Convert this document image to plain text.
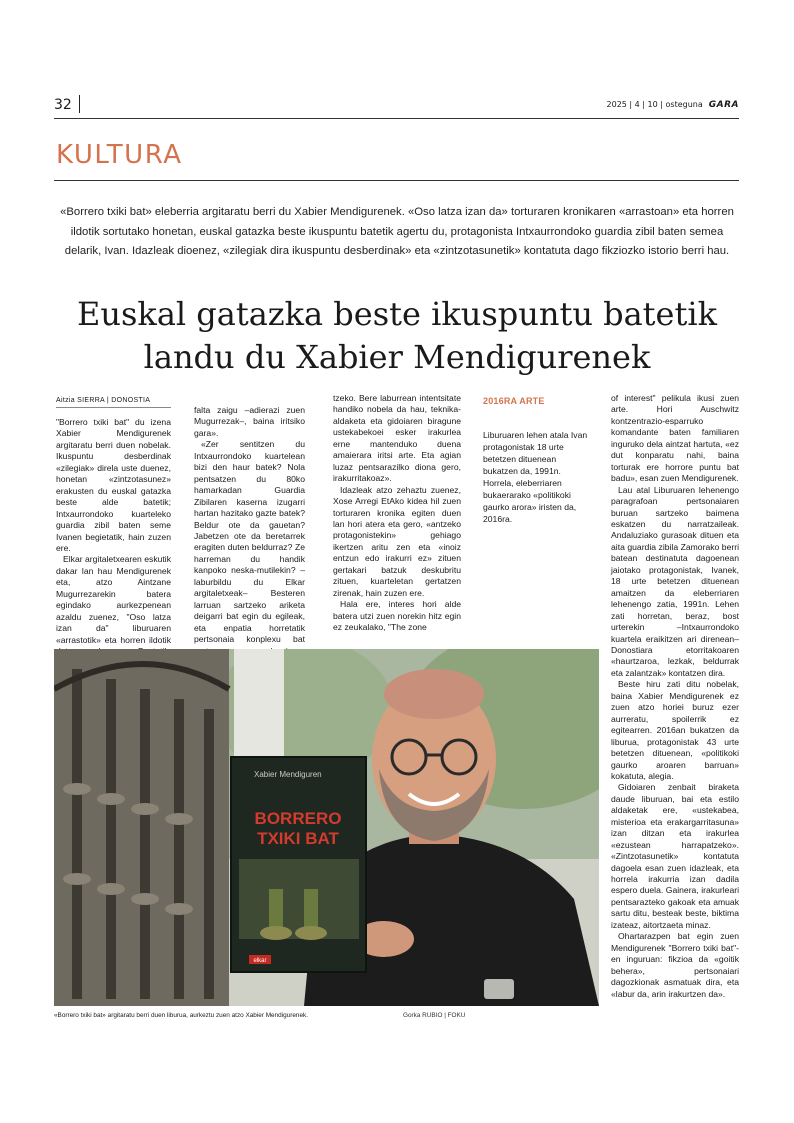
32	2025 | 4 | 10 | osteguna GARA
KULTURA
«Borrero txiki bat» eleberria argitaratu berri du Xabier Mendigurenek. «Oso latza izan da» torturaren kronikaren «arrastoan» eta horren ildotik sortutako honetan, euskal gatazka beste ikuspuntu batetik agertu du, protagonista Intxaurrondoko guardia zibil baten semea delarik, Ivan. Idazleak dioenez, «zilegiak dira ikuspuntu desberdinak» eta «zintzotasunetik» kontatuta dago fikziozko istorio berri hau.
Euskal gatazka beste ikuspuntu batetik
landu du Xabier Mendigurenek
Aitzia SIERRA | DONOSTIA

"Borrero txiki bat" du izena Xabier Mendigurenek argitaratu berri duen nobelak. Ikuspuntu desberdinak «zilegiak» direla uste duenez, honetan «zintzotasunez» erakusten du euskal gatazka beste alde batetik; Intxaurrondoko kuarteleko guardia zibil baten seme Ivanen begietatik, hain zuzen ere.

Elkar argitaletxearen eskutik dakar lan hau Mendigurenek eta, atzo Aintzane Mugurrezarekin batera egindako aurkezpenean azaldu zuenez, "Oso latza izan da" liburuaren «arrastotik» eta horren ildotik

falta zaigu –adierazi zuen Mugurrezak–, baina iritsiko gara».

«Zer sentitzen du Intxaurrondoko kuartelean bizi den haur batek? Nola pentsatzen du 80ko hamarkadan Guardia Zibilaren kaserna izugarri hartan hazitako gazte batek? Beldur ote da gauetan? Jabetzen ote da beretarrek eragiten duten beldurraz? Ze harreman du handik kanpoko neska-mutilekin? –laburbildu du Elkar argitaletxeak– Besteren larruan sartzeko ariketa deigarri bat egin du egileak, eta enpatia horretatik pertsonaia konplexu bat

tzeko. Bere laburrean intentsitate handiko nobela da hau, teknika-aldaketa eta gidoiaren biragune ustekabekoei esker irakurlea erne mantenduko duena amaierara iritsi arte. Eta agian luzaz pentsarazilko diona gero, irakurritakoaz».

Idazleak atzo zehaztu zuenez, Xose Arregi EtAko kidea hil zuen torturaren kronika egiten duen lan hori atera eta gero, «antzeko protagonistekin» gehiago ikertzen aritu zen eta «inoiz entzun edo irakurri ez» zituen gertakari batzuk deskubritu zituen, kuarteletan gertatzen zirenak, hain zuzen ere.

Hala ere, interes hori alde batera utzi zuen norekin hitz egin ez zeukalako, "The zone

2016RA ARTE
Liburuaren lehen atala Ivan protagonistak 18 urte betetzen dituenean bukatzen da, 1991n. Horrela, eleberriaren bukaerarako «politikoki gaurko arora» iristen da, 2016ra.

of interest" pelikula ikusi zuen arte. Hori Auschwitz kontzentrazio-esparruko komandante baten familiaren inguruko dela aintzat hartuta, «ez dut konparatu nahi, baina torturak ere horrore puntu bat badu», esan zuen Mendigurenek.

Lau atal Liburuaren lehenengo paragrafoan pertsonaiaren buruan sartzeko baimena eskatzen du narratzaileak. Andaluziako gurasoak dituen eta aita guardia zibila Zamorako berri batean destinatuta dagoenean jaiotako protagonistak, Ivanek, 18 urte betetzen dituenean amaitzen da eleberriaren lehenengo zatia, 1991n. Lehen zati horretan, beraz, bost urterekin –Intxaurrondoko kuartela eraikitzen ari direnean– Donostiara etorritakoaren «haurtzaroa, lezkak, beldurrak eta zalantzak» kontatzen dira.

Beste hiru zati ditu nobelak, baina Xabier Mendigurenek ez zuen atzo horiei buruz ezer aurreratu, spoilerrik ez egitearren. 2016an bukatzen da liburua, protagonistak 43 urte betetzen dituenean, «politikoki gaurko aroaren barruan» kokatuta, alegia.

Gidoiaren zenbait biraketa daude liburuan, bai eta estilo aldaketak ere, «ustekabea, misterioa eta erakargarritasuna» izan ditzan eta irakurlea «ezustean harrapatzeko». «Zintzotasunetik» kontatuta dagoela esan zuen idazleak, eta horrela irakurria izan dadila espero duela. Gainera, irakurleari pentsarazteko gakoak eta amuak sartu ditu, besteak beste, biktima izateaz, aitortzaeta minaz.

Ohartarazpen bat egin zuen Mendigurenek "Borrero txiki bat"-en inguruan: fikzioa da «goitik behera», pertsonaiari dagozkionak asmatuak dira, eta «labur da, arin irakurtzen da».

Xabier Mendiguren
BORRERO
TXIKI BAT
elkar
«Borrero txiki bat» argitaratu berri duen liburua, aurkeztu zuen atzo Xabier Mendigurenek.	Gorka RUBIO | FOKU
